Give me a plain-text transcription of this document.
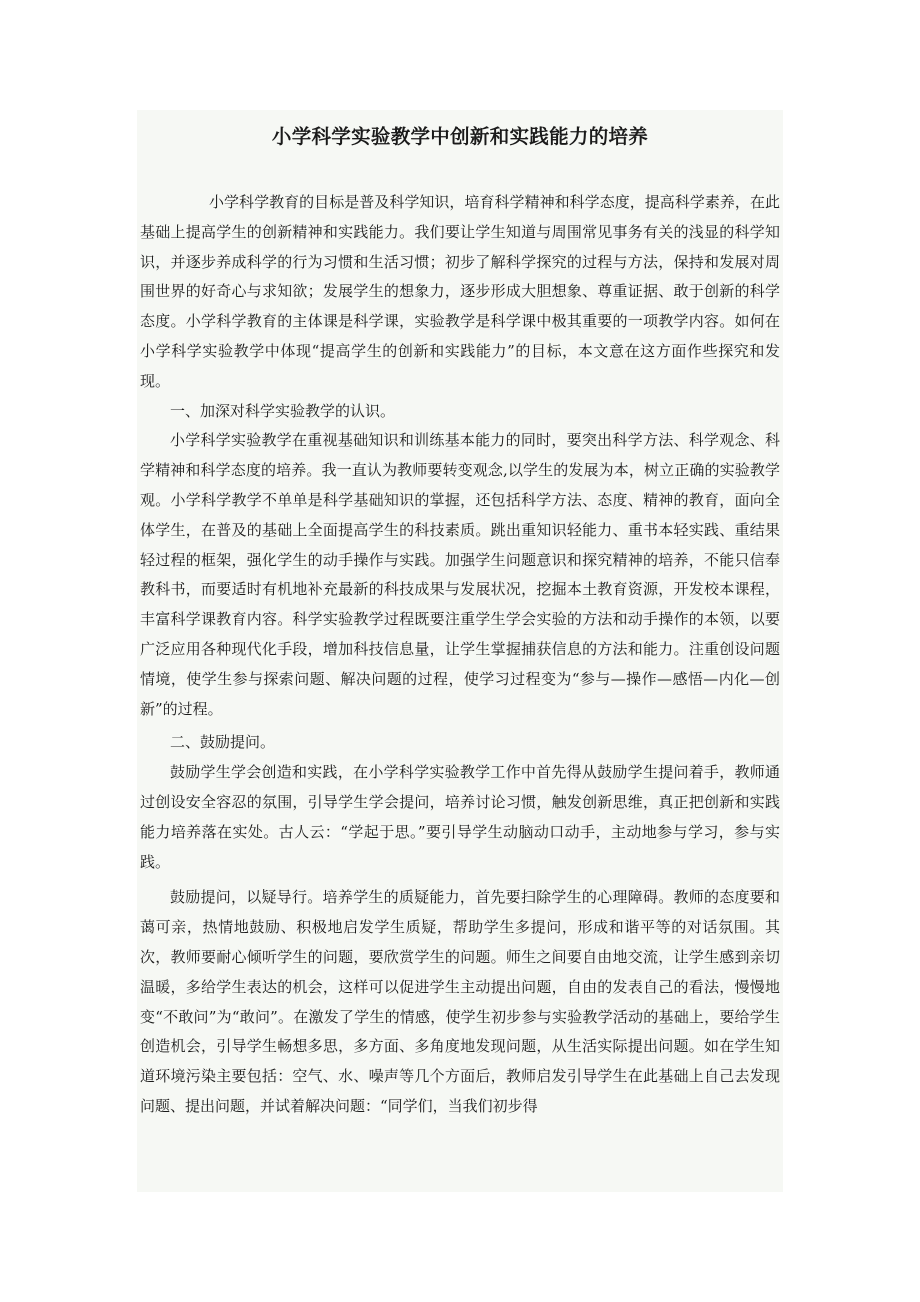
小学科学实验教学中创新和实践能力的培养

小学科学教育的目标是普及科学知识，培育科学精神和科学态度，提高科学素养，在此基础上提高学生的创新精神和实践能力。我们要让学生知道与周围常见事务有关的浅显的科学知识，并逐步养成科学的行为习惯和生活习惯；初步了解科学探究的过程与方法，保持和发展对周围世界的好奇心与求知欲；发展学生的想象力，逐步形成大胆想象、尊重证据、敢于创新的科学态度。小学科学教育的主体课是科学课，实验教学是科学课中极其重要的一项教学内容。如何在小学科学实验教学中体现“提高学生的创新和实践能力”的目标，本文意在这方面作些探究和发现。

一、加深对科学实验教学的认识。

小学科学实验教学在重视基础知识和训练基本能力的同时，要突出科学方法、科学观念、科学精神和科学态度的培养。我一直认为教师要转变观念,以学生的发展为本，树立正确的实验教学观。小学科学教学不单单是科学基础知识的掌握，还包括科学方法、态度、精神的教育，面向全体学生，在普及的基础上全面提高学生的科技素质。跳出重知识轻能力、重书本轻实践、重结果轻过程的框架，强化学生的动手操作与实践。加强学生问题意识和探究精神的培养，不能只信奉教科书，而要适时有机地补充最新的科技成果与发展状况，挖掘本土教育资源，开发校本课程，丰富科学课教育内容。科学实验教学过程既要注重学生学会实验的方法和动手操作的本领，以要广泛应用各种现代化手段，增加科技信息量，让学生掌握捕获信息的方法和能力。注重创设问题情境，使学生参与探索问题、解决问题的过程，使学习过程变为“参与—操作—感悟—内化—创新”的过程。

二、鼓励提问。

鼓励学生学会创造和实践，在小学科学实验教学工作中首先得从鼓励学生提问着手，教师通过创设安全容忍的氛围，引导学生学会提问，培养讨论习惯，触发创新思维，真正把创新和实践能力培养落在实处。古人云：“学起于思。”要引导学生动脑动口动手，主动地参与学习，参与实践。

鼓励提问，以疑导行。培养学生的质疑能力，首先要扫除学生的心理障碍。教师的态度要和蔼可亲，热情地鼓励、积极地启发学生质疑，帮助学生多提问，形成和谐平等的对话氛围。其次，教师要耐心倾听学生的问题，要欣赏学生的问题。师生之间要自由地交流，让学生感到亲切温暖，多给学生表达的机会，这样可以促进学生主动提出问题，自由的发表自己的看法，慢慢地变“不敢问”为“敢问”。在激发了学生的情感，使学生初步参与实验教学活动的基础上，要给学生创造机会，引导学生畅想多思，多方面、多角度地发现问题，从生活实际提出问题。如在学生知道环境污染主要包括：空气、水、噪声等几个方面后，教师启发引导学生在此基础上自己去发现问题、提出问题，并试着解决问题：“同学们，当我们初步得
